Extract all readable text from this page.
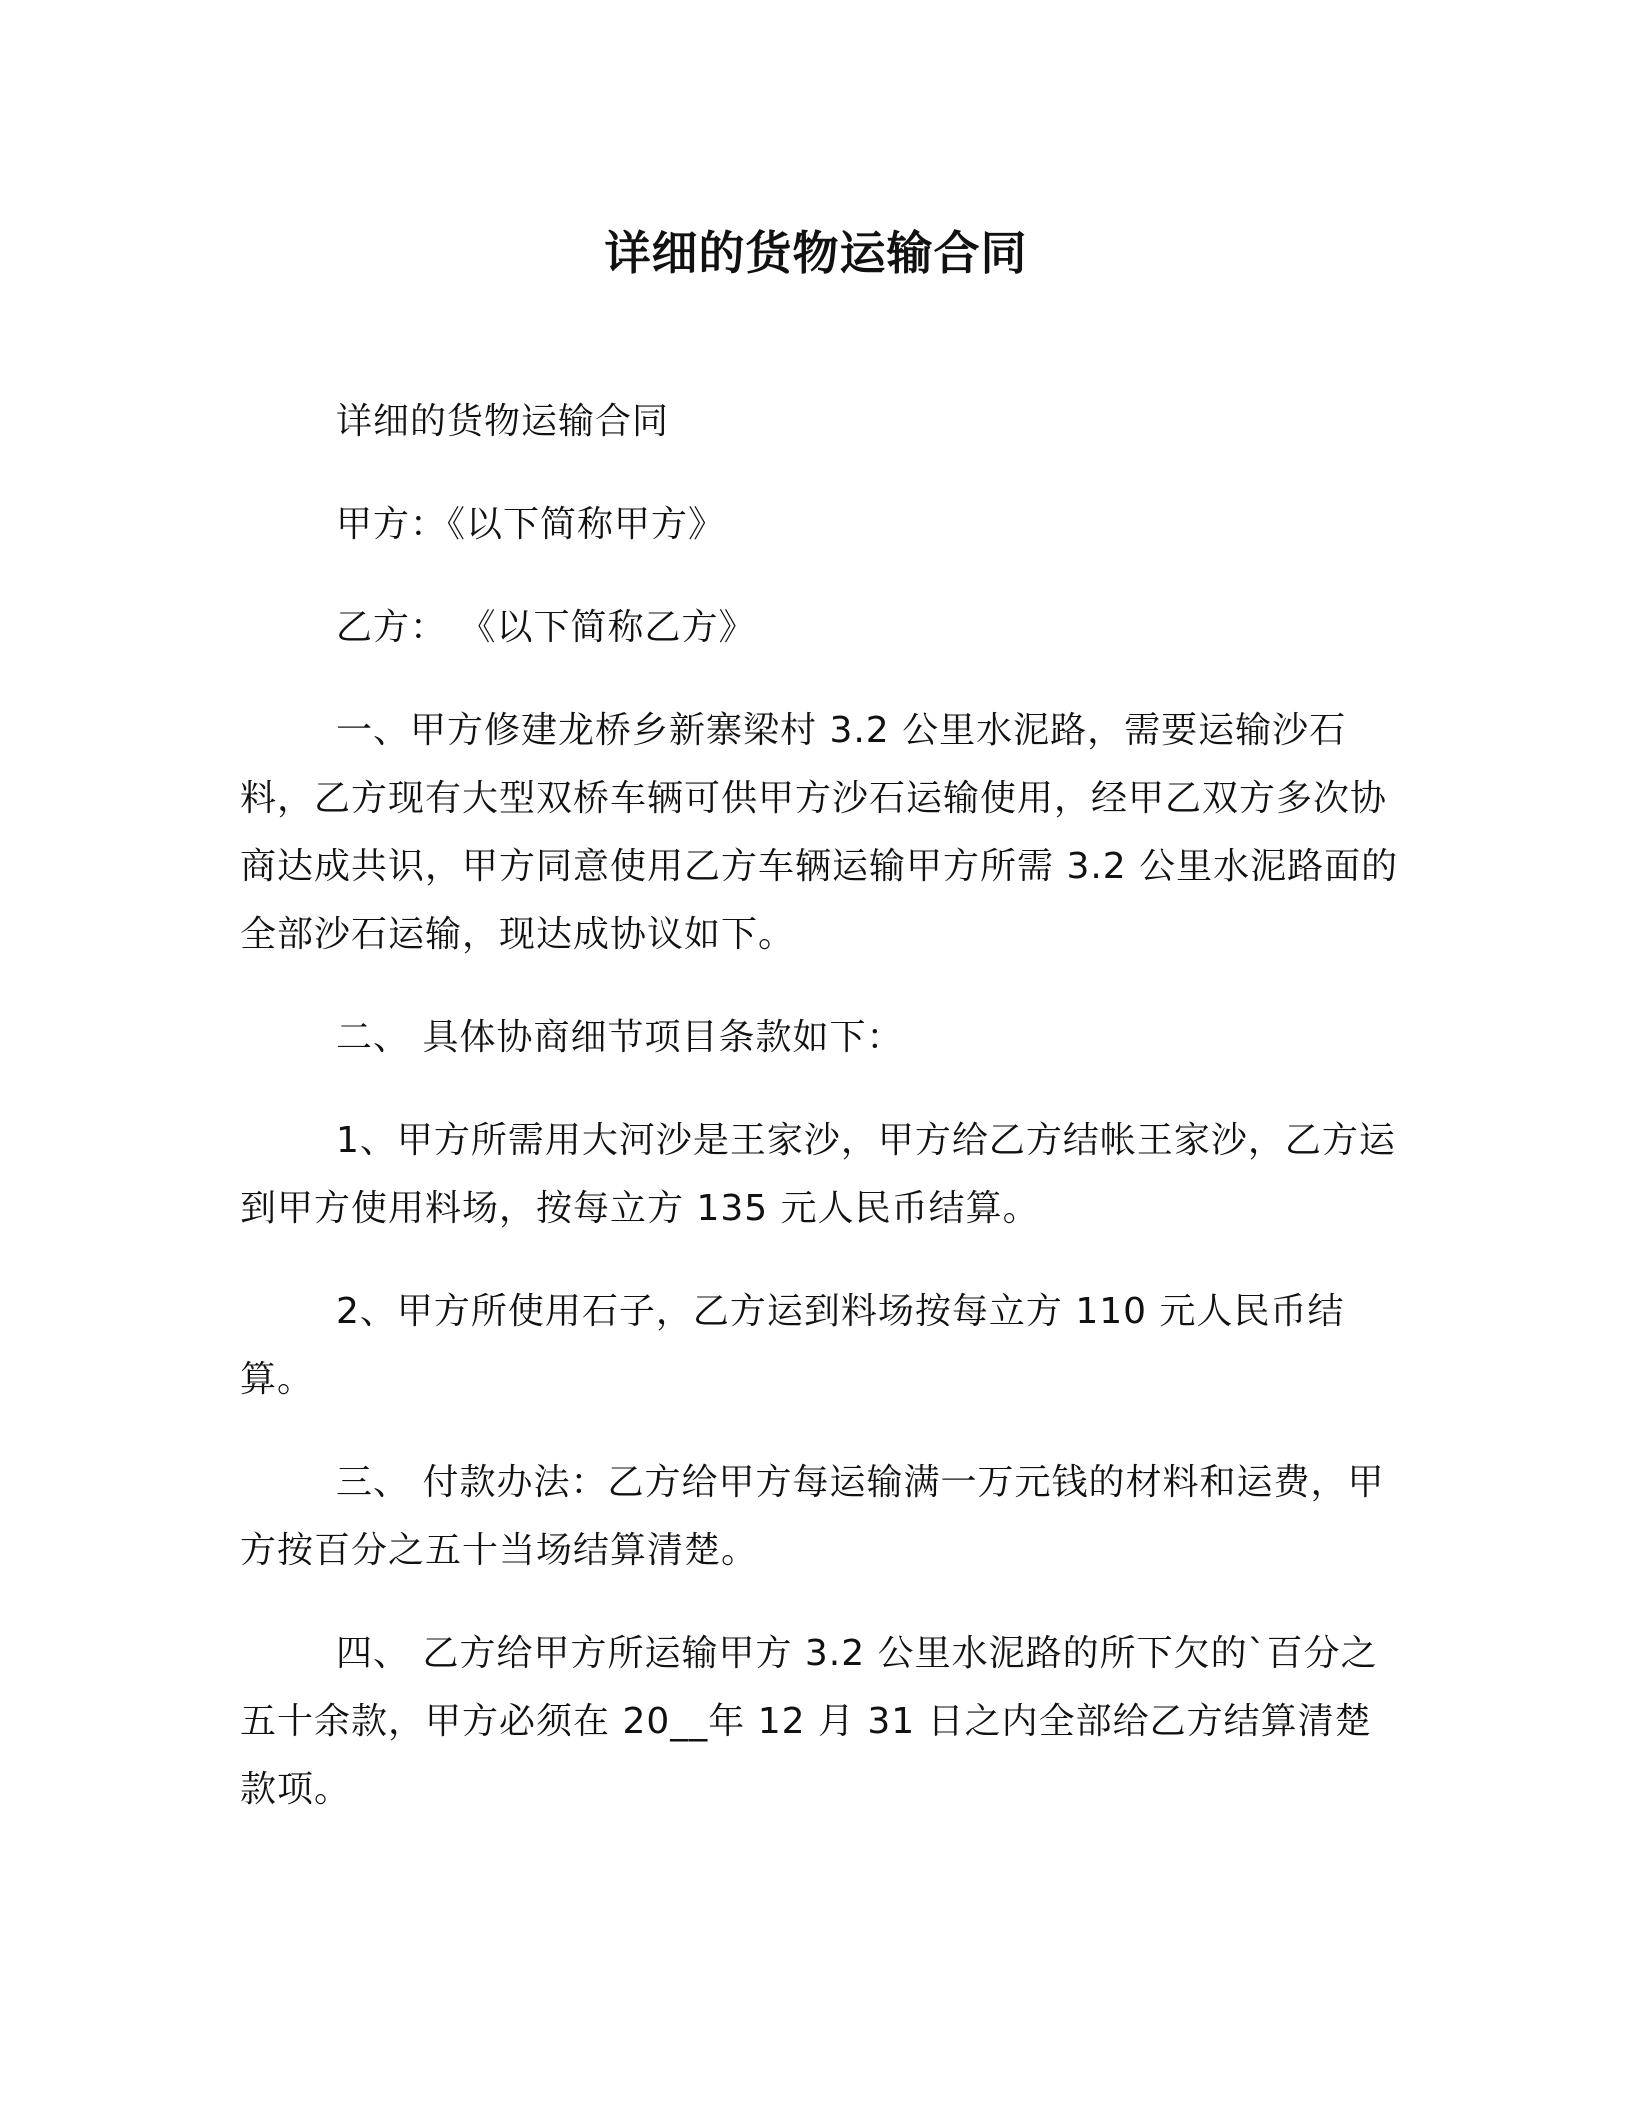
详细的货物运输合同

详细的货物运输合同

甲方：《以下简称甲方》

乙方： 《以下简称乙方》

一、甲方修建龙桥乡新寨梁村 3.2 公里水泥路，需要运输沙石料，乙方现有大型双桥车辆可供甲方沙石运输使用，经甲乙双方多次协商达成共识，甲方同意使用乙方车辆运输甲方所需 3.2 公里水泥路面的全部沙石运输，现达成协议如下。

二、 具体协商细节项目条款如下：

1、甲方所需用大河沙是王家沙，甲方给乙方结帐王家沙，乙方运到甲方使用料场，按每立方 135 元人民币结算。

2、甲方所使用石子，乙方运到料场按每立方 110 元人民币结算。

三、 付款办法：乙方给甲方每运输满一万元钱的材料和运费，甲方按百分之五十当场结算清楚。

四、 乙方给甲方所运输甲方 3.2 公里水泥路的所下欠的`百分之五十余款，甲方必须在 20__年 12 月 31 日之内全部给乙方结算清楚款项。
